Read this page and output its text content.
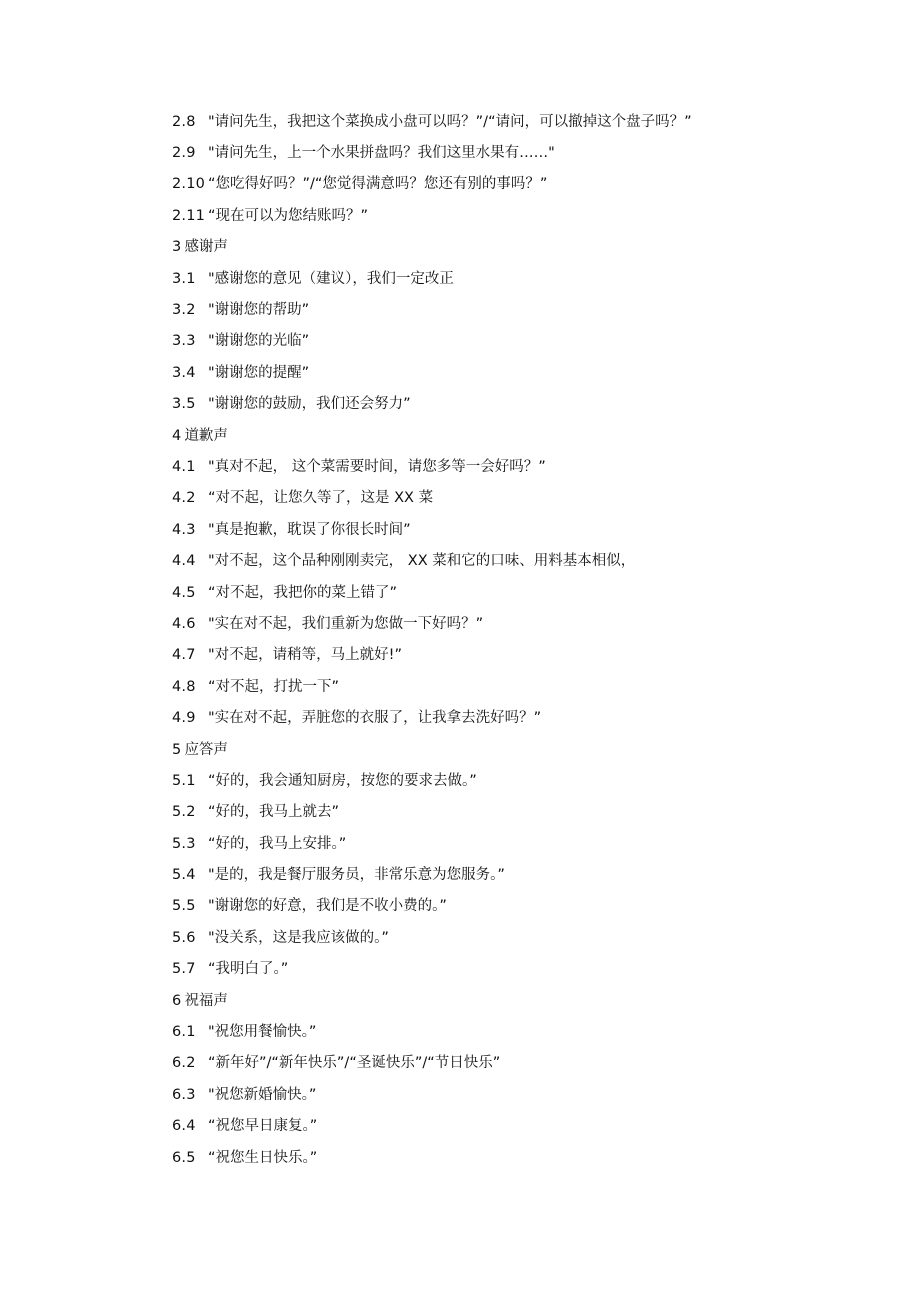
2.8 "请问先生，我把这个菜换成小盘可以吗？”/“请问，可以撤掉这个盘子吗？”
2.9 "请问先生，上一个水果拼盘吗？我们这里水果有……"
2.10 “您吃得好吗？”/“您觉得满意吗？您还有别的事吗？”
2.11 “现在可以为您结账吗？”
3 感谢声
3.1 "感谢您的意见（建议），我们一定改正
3.2 "谢谢您的帮助”
3.3 "谢谢您的光临”
3.4 "谢谢您的提醒”
3.5 "谢谢您的鼓励，我们还会努力”
4 道歉声
4.1 "真对不起， 这个菜需要时间，请您多等一会好吗？”
4.2 “对不起，让您久等了，这是 XX 菜
4.3 "真是抱歉，耽误了你很长时间”
4.4 "对不起，这个品种刚刚卖完， XX 菜和它的口味、用料基本相似，
4.5 “对不起，我把你的菜上错了”
4.6 "实在对不起，我们重新为您做一下好吗？”
4.7 "对不起，请稍等，马上就好!”
4.8 “对不起，打扰一下”
4.9 "实在对不起，弄脏您的衣服了，让我拿去洗好吗？”
5 应答声
5.1 “好的，我会通知厨房，按您的要求去做。”
5.2 “好的，我马上就去”
5.3 “好的，我马上安排。”
5.4 "是的，我是餐厅服务员，非常乐意为您服务。”
5.5 "谢谢您的好意，我们是不收小费的。”
5.6 "没关系，这是我应该做的。”
5.7 “我明白了。”
6 祝福声
6.1 "祝您用餐愉快。”
6.2 “新年好”/“新年快乐”/“圣诞快乐”/“节日快乐”
6.3 "祝您新婚愉快。”
6.4 “祝您早日康复。”
6.5 “祝您生日快乐。”
